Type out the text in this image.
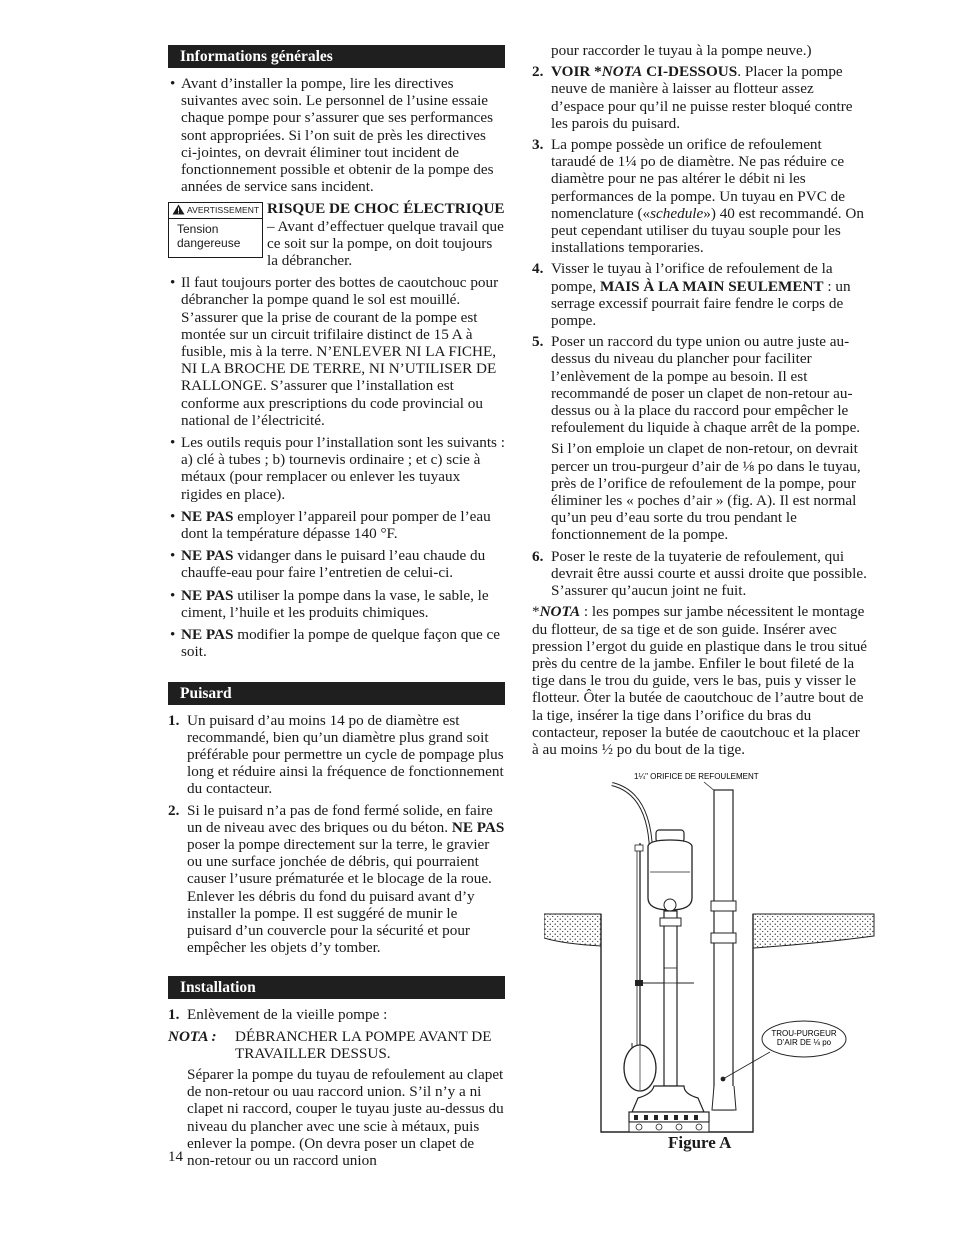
Informations générales
• Avant d’installer la pompe, lire les directives suivantes avec soin. Le personnel de l’usine essaie chaque pompe pour s’assurer que ses performances sont appropriées. Si l’on suit de près les directives ci-jointes, on devrait éliminer tout incident de fonctionnement possible et obtenir de la pompe des années de service sans incident.
AVERTISSEMENT
Tension dangereuse
RISQUE DE CHOC ÉLECTRIQUE – Avant d’effectuer quelque travail que ce soit sur la pompe, on doit toujours la débrancher.
• Il faut toujours porter des bottes de caoutchouc pour débrancher la pompe quand le sol est mouillé. S’assurer que la prise de courant de la pompe est montée sur un circuit trifilaire distinct de 15 A à fusible, mis à la terre. N’ENLEVER NI LA FICHE, NI LA BROCHE DE TERRE, NI N’UTILISER DE RALLONGE. S’assurer que l’installation est conforme aux prescriptions du code provincial ou national de l’électricité.
• Les outils requis pour l’installation sont les suivants : a) clé à tubes ; b) tournevis ordinaire ; et c) scie à métaux (pour remplacer ou enlever les tuyaux rigides en place).
• NE PAS employer l’appareil pour pomper de l’eau dont la température dépasse 140 °F.
• NE PAS vidanger dans le puisard l’eau chaude du chauffe-eau pour faire l’entretien de celui-ci.
• NE PAS utiliser la pompe dans la vase, le sable, le ciment, l’huile et les produits chimiques.
• NE PAS modifier la pompe de quelque façon que ce soit.
Puisard
1. Un puisard d’au moins 14 po de diamètre est recommandé, bien qu’un diamètre plus grand soit préférable pour permettre un cycle de pompage plus long et réduire ainsi la fréquence de fonctionnement du contacteur.
2. Si le puisard n’a pas de fond fermé solide, en faire un de niveau avec des briques ou du béton. NE PAS poser la pompe directement sur la terre, le gravier ou une surface jonchée de débris, qui pourraient causer l’usure prématurée et le blocage de la roue. Enlever les débris du fond du puisard avant d’y installer la pompe. Il est suggéré de munir le puisard d’un couvercle pour la sécurité et pour empêcher les objets d’y tomber.
Installation
1. Enlèvement de la vieille pompe :
NOTA : DÉBRANCHER LA POMPE AVANT DE TRAVAILLER DESSUS.
Séparer la pompe du tuyau de refoulement au clapet de non-retour ou uau raccord union. S’il n’y a ni clapet ni raccord, couper le tuyau juste au-dessus du niveau du plancher avec une scie à métaux, puis enlever la pompe. (On devra poser un clapet de non-retour ou un raccord union
14
pour raccorder le tuyau à la pompe neuve.)
2. VOIR *NOTA CI-DESSOUS. Placer la pompe neuve de manière à laisser au flotteur assez d’espace pour qu’il ne puisse rester bloqué contre les parois du puisard.
3. La pompe possède un orifice de refoulement taraudé de 1¼ po de diamètre. Ne pas réduire ce diamètre pour ne pas altérer le débit ni les performances de la pompe. Un tuyau en PVC de nomenclature («schedule») 40 est recommandé. On peut cependant utiliser du tuyau souple pour les installations temporaries.
4. Visser le tuyau à l’orifice de refoulement de la pompe, MAIS À LA MAIN SEULEMENT : un serrage excessif pourrait faire fendre le corps de pompe.
5. Poser un raccord du type union ou autre juste au-dessus du niveau du plancher pour faciliter l’enlèvement de la pompe au besoin. Il est recommandé de poser un clapet de non-retour au-dessus ou à la place du raccord pour empêcher le refoulement du liquide à chaque arrêt de la pompe.
Si l’on emploie un clapet de non-retour, on devrait percer un trou-purgeur d’air de ⅛ po dans le tuyau, près de l’orifice de refoulement de la pompe, pour éliminer les « poches d’air » (fig. A). Il est normal qu’un peu d’eau sorte du trou pendant le fonctionnement de la pompe.
6. Poser le reste de la tuyaterie de refoulement, qui devrait être aussi courte et aussi droite que possible. S’assurer qu’aucun joint ne fuit.
*NOTA : les pompes sur jambe nécessitent le montage du flotteur, de sa tige et de son guide. Insérer avec pression l’ergot du guide en plastique dans le trou situé près du centre de la jambe. Enfiler le bout fileté de la tige dans le trou du guide, vers le bas, puis y visser le flotteur. Ôter la butée de caoutchouc de l’autre bout de la tige, insérer la tige dans l’orifice du bras du contacteur, reposer la butée de caoutchouc et la placer à au moins ½ po du bout de la tige.
1¼" ORIFICE DE REFOULEMENT
TROU-PURGEUR
D’AIR DE ⅛ po
Figure A
